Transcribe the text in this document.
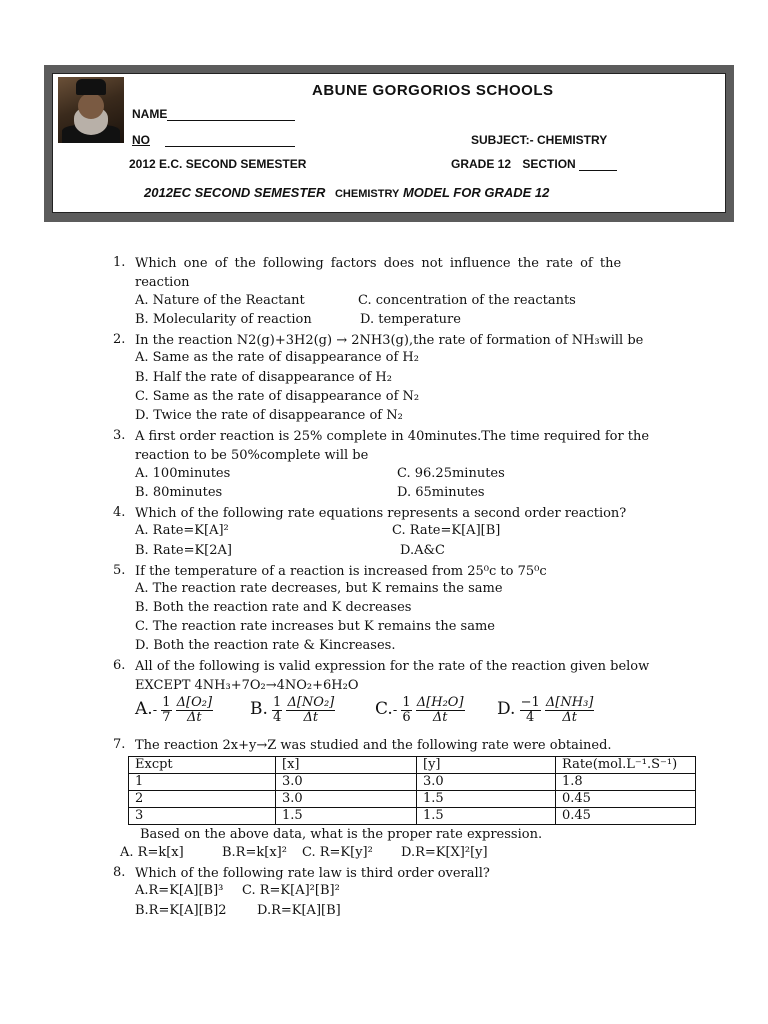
ABUNE GORGORIOS SCHOOLS
NAME
NO	SUBJECT:- CHEMISTRY
2012 E.C. SECOND SEMESTER	GRADE 12 SECTION
2012EC SECOND SEMESTER CHEMISTRY MODEL FOR GRADE 12
1. Which one of the following factors does not influence the rate of the
reaction
A. Nature of the Reactant	C. concentration of the reactants
B. Molecularity of reaction	D. temperature
2. In the reaction N2(g)+3H2(g) → 2NH3(g),the rate of formation of NH₃will be
A. Same as the rate of disappearance of H₂
B. Half the rate of disappearance of H₂
C. Same as the rate of disappearance of N₂
D. Twice the rate of disappearance of N₂
3. A first order reaction is 25% complete in 40minutes.The time required for the
reaction to be 50%complete will be
A. 100minutes	C. 96.25minutes
B. 80minutes	D. 65minutes
4. Which of the following rate equations represents a second order reaction?
A. Rate=K[A]²	C. Rate=K[A][B]
B. Rate=K[2A]	D.A&C
5. If the temperature of a reaction is increased from 25⁰c to 75⁰c
A. The reaction rate decreases, but K remains the same
B. Both the reaction rate and K decreases
C. The reaction rate increases but K remains the same
D. Both the reaction rate & Kincreases.
6. All of the following is valid expression for the rate of the reaction given below
EXCEPT 4NH₃+7O₂→4NO₂+6H₂O
$A.- \frac{1}{7}$
$\frac{\text{Δ[O₂]}}{\Delta t} B$. $\frac{1}{4}$
$\frac{\text{Δ[NO₂]}}{\Delta t} C.- \frac{1}{6}$
$\frac{\text{Δ[H₂O]}}{\Delta t} D$. $\frac{-1}{4}$
$\frac{\text{Δ[NH₃]}}{\Delta t}$
7. The reaction 2x+y→Z was studied and the following rate were obtained.
Excpt	[x]	[y]	Rate(mol.L⁻¹.S⁻¹)
1	3.0	3.0	1.8
2	3.0	1.5	0.45
3	1.5	1.5	0.45
Based on the above data, what is the proper rate expression.
A. R=k[x]	B.R=k[x]² C. R=K[y]² D.R=K[X]²[y]
8. Which of the following rate law is third order overall?
A.R=K[A][B]³ C. R=K[A]²[B]²
B.R=K[A][B]2 D.R=K[A][B]
